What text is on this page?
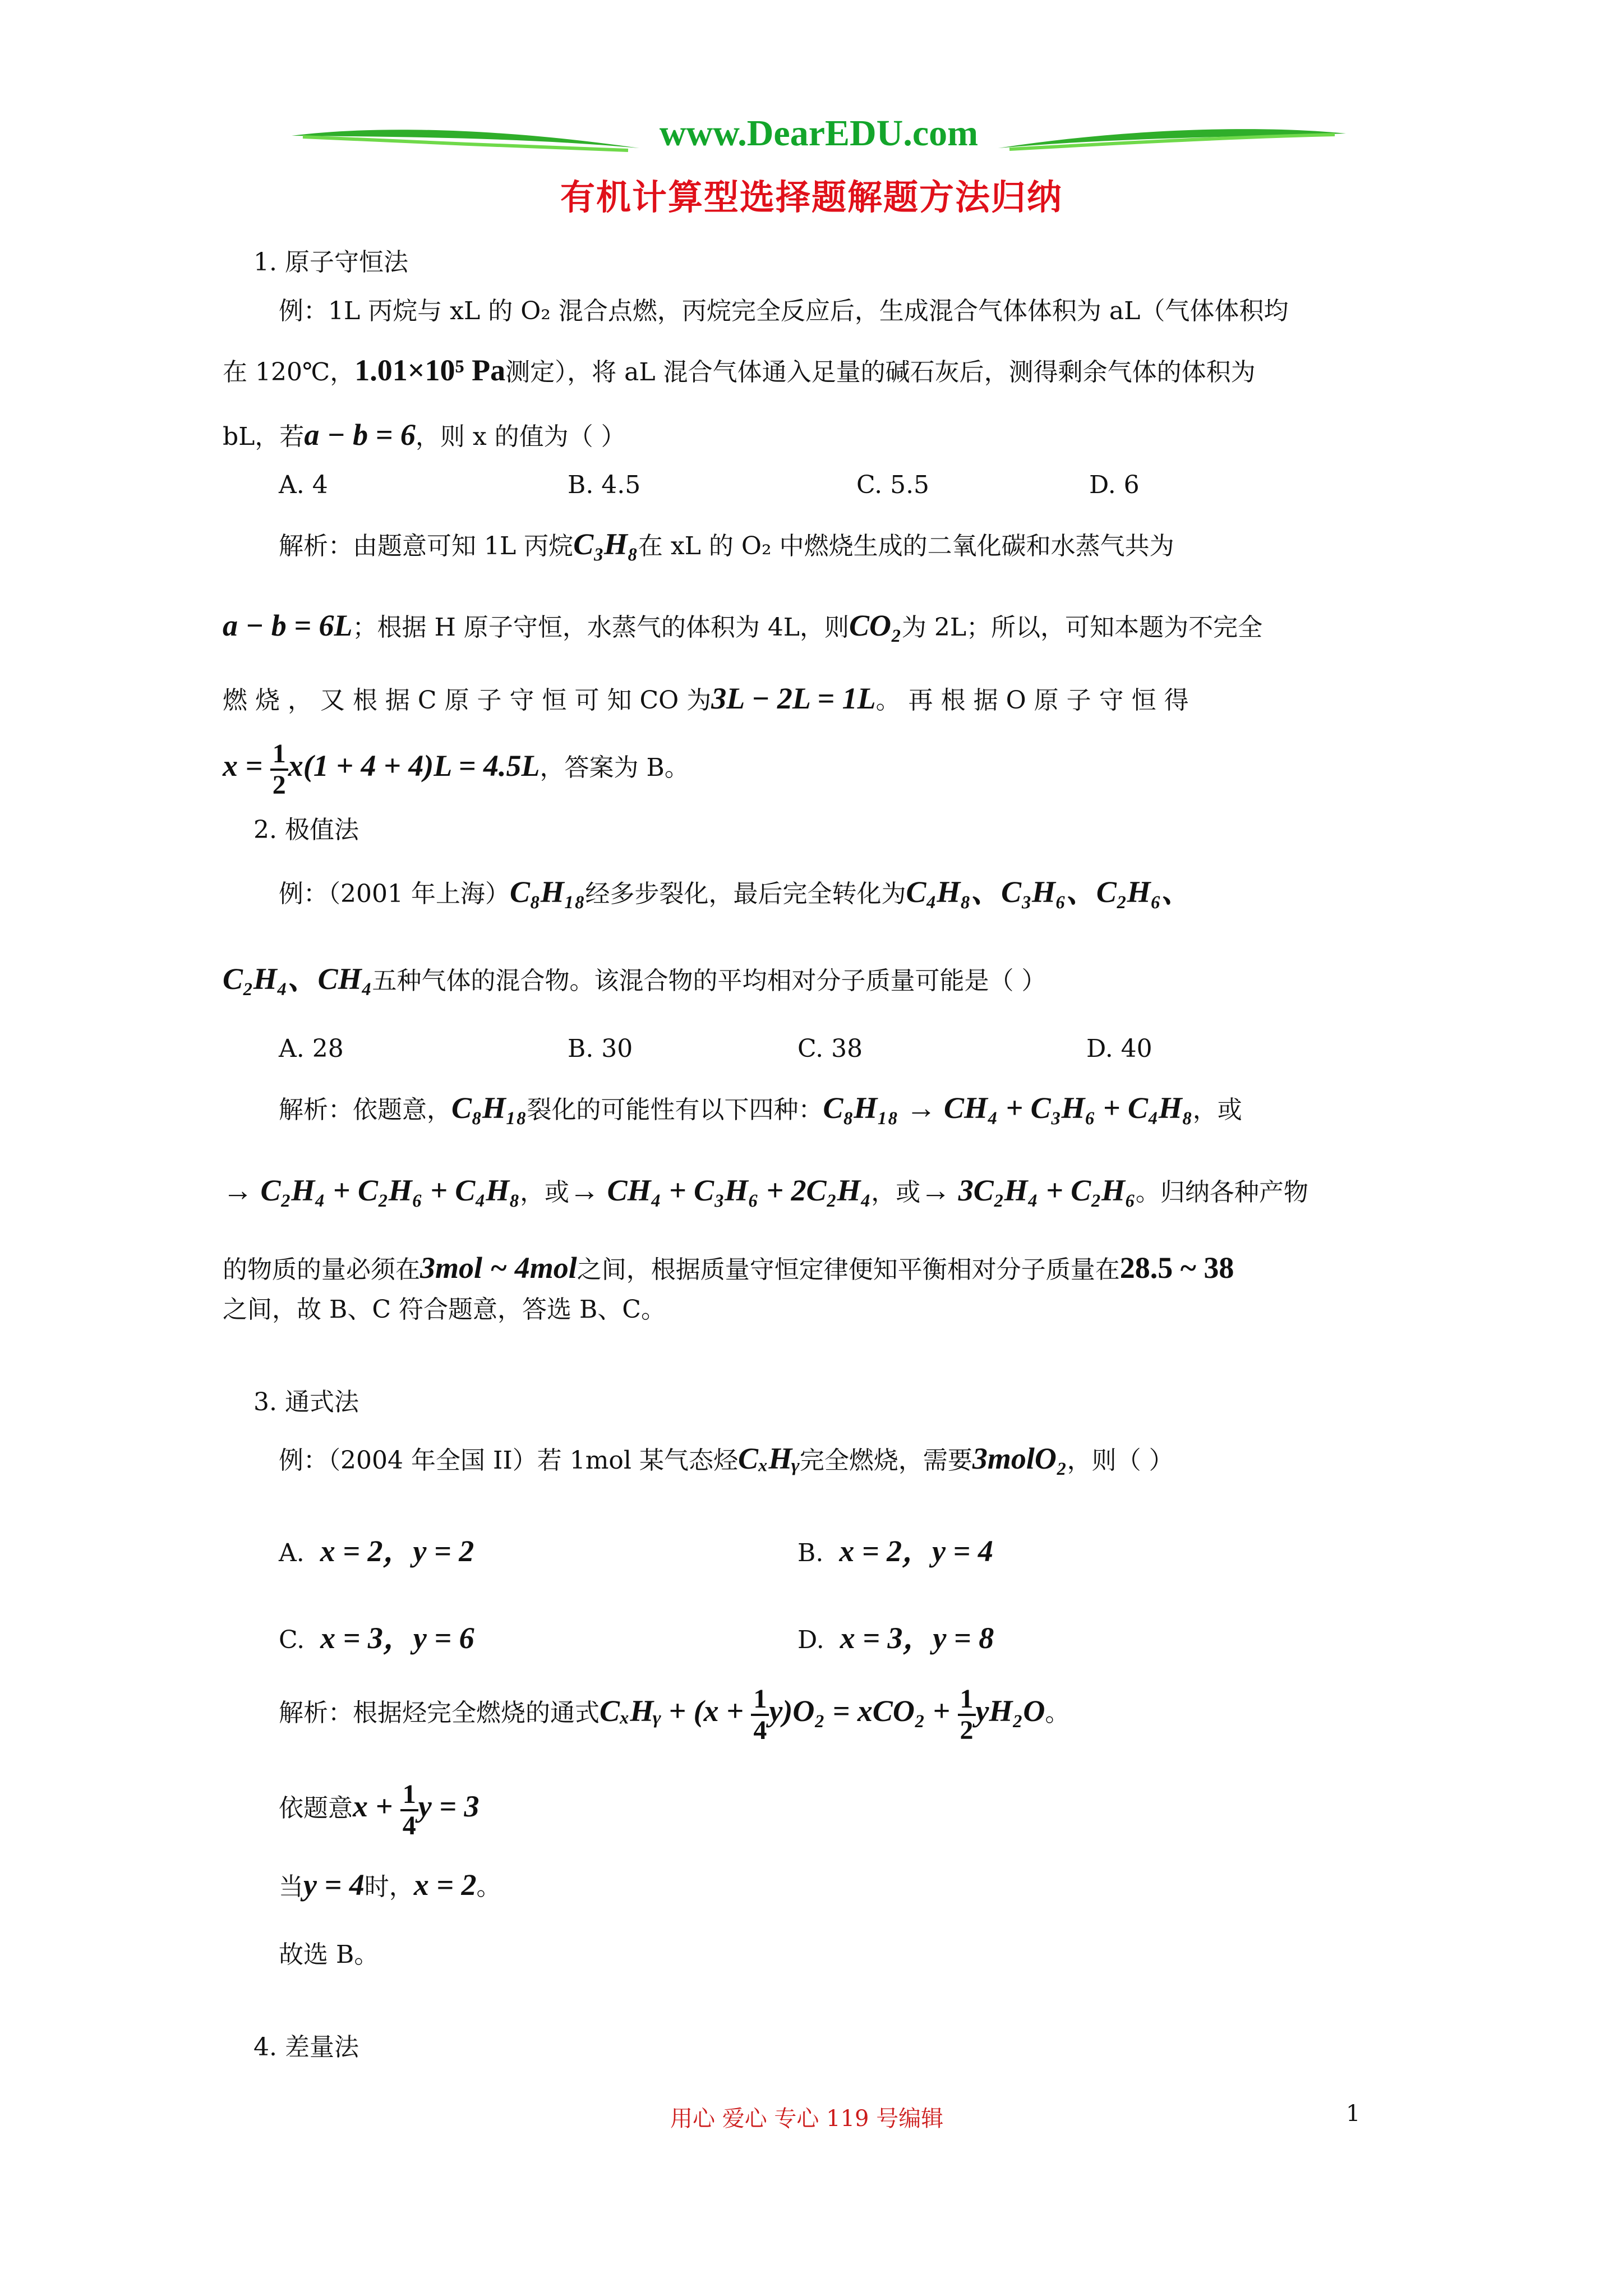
www.DearEDU.com
有机计算型选择题解题方法归纳
1. 原子守恒法
例：1L 丙烷与 xL 的 O₂ 混合点燃，丙烷完全反应后，生成混合气体体积为 aL（气体体积均
在 120℃，1.01×10⁵ Pa测定），将 aL 混合气体通入足量的碱石灰后，测得剩余气体的体积为
bL，若a − b = 6，则 x 的值为（ ）
A. 4	B. 4.5	C. 5.5	D. 6
解析：由题意可知 1L 丙烷C₃H₈在 xL 的 O₂ 中燃烧生成的二氧化碳和水蒸气共为
a − b = 6L；根据 H 原子守恒，水蒸气的体积为 4L，则CO₂为 2L；所以，可知本题为不完全
燃 烧 ， 又 根 据 C 原 子 守 恒 可 知 CO 为3L − 2L = 1L。 再 根 据 O 原 子 守 恒 得
$x = \frac{1}{2} x(1 + 4 + 4)L = 4.5L$，答案为 B。
2. 极值法
例：（2001 年上海）C₈H₁₈经多步裂化，最后完全转化为C₄H₈、C₃H₆、C₂H₆、
C₂H₄、CH₄五种气体的混合物。该混合物的平均相对分子质量可能是（ ）
A. 28	B. 30	C. 38	D. 40
解析：依题意，C₈H₁₈裂化的可能性有以下四种：C₈H₁₈ → CH₄ + C₃H₆ + C₄H₈，或
→ C₂H₄ + C₂H₆ + C₄H₈，或→ CH₄ + C₃H₆ + 2C₂H₄，或→ 3C₂H₄ + C₂H₆。归纳各种产物
的物质的量必须在3mol ~ 4mol之间，根据质量守恒定律便知平衡相对分子质量在28.5 ~ 38
之间，故 B、C 符合题意，答选 B、C。
3. 通式法
例：（2004 年全国 II）若 1mol 某气态烃CₓHᵧ完全燃烧，需要3molO₂，则（ ）
A. x = 2，y = 2	B. x = 2，y = 4
C. x = 3，y = 6	D. x = 3，y = 8
解析：根据烃完全燃烧的通式CₓHᵧ + $(x + \frac{1}{4} y)O_2 = xCO_2 + \frac{1}{2} yH_2O$。
依题意$x + \frac{1}{4}$ y = 3
当y = 4时，x = 2。
故选 B。
4. 差量法
用心 爱心 专心 119 号编辑	1
